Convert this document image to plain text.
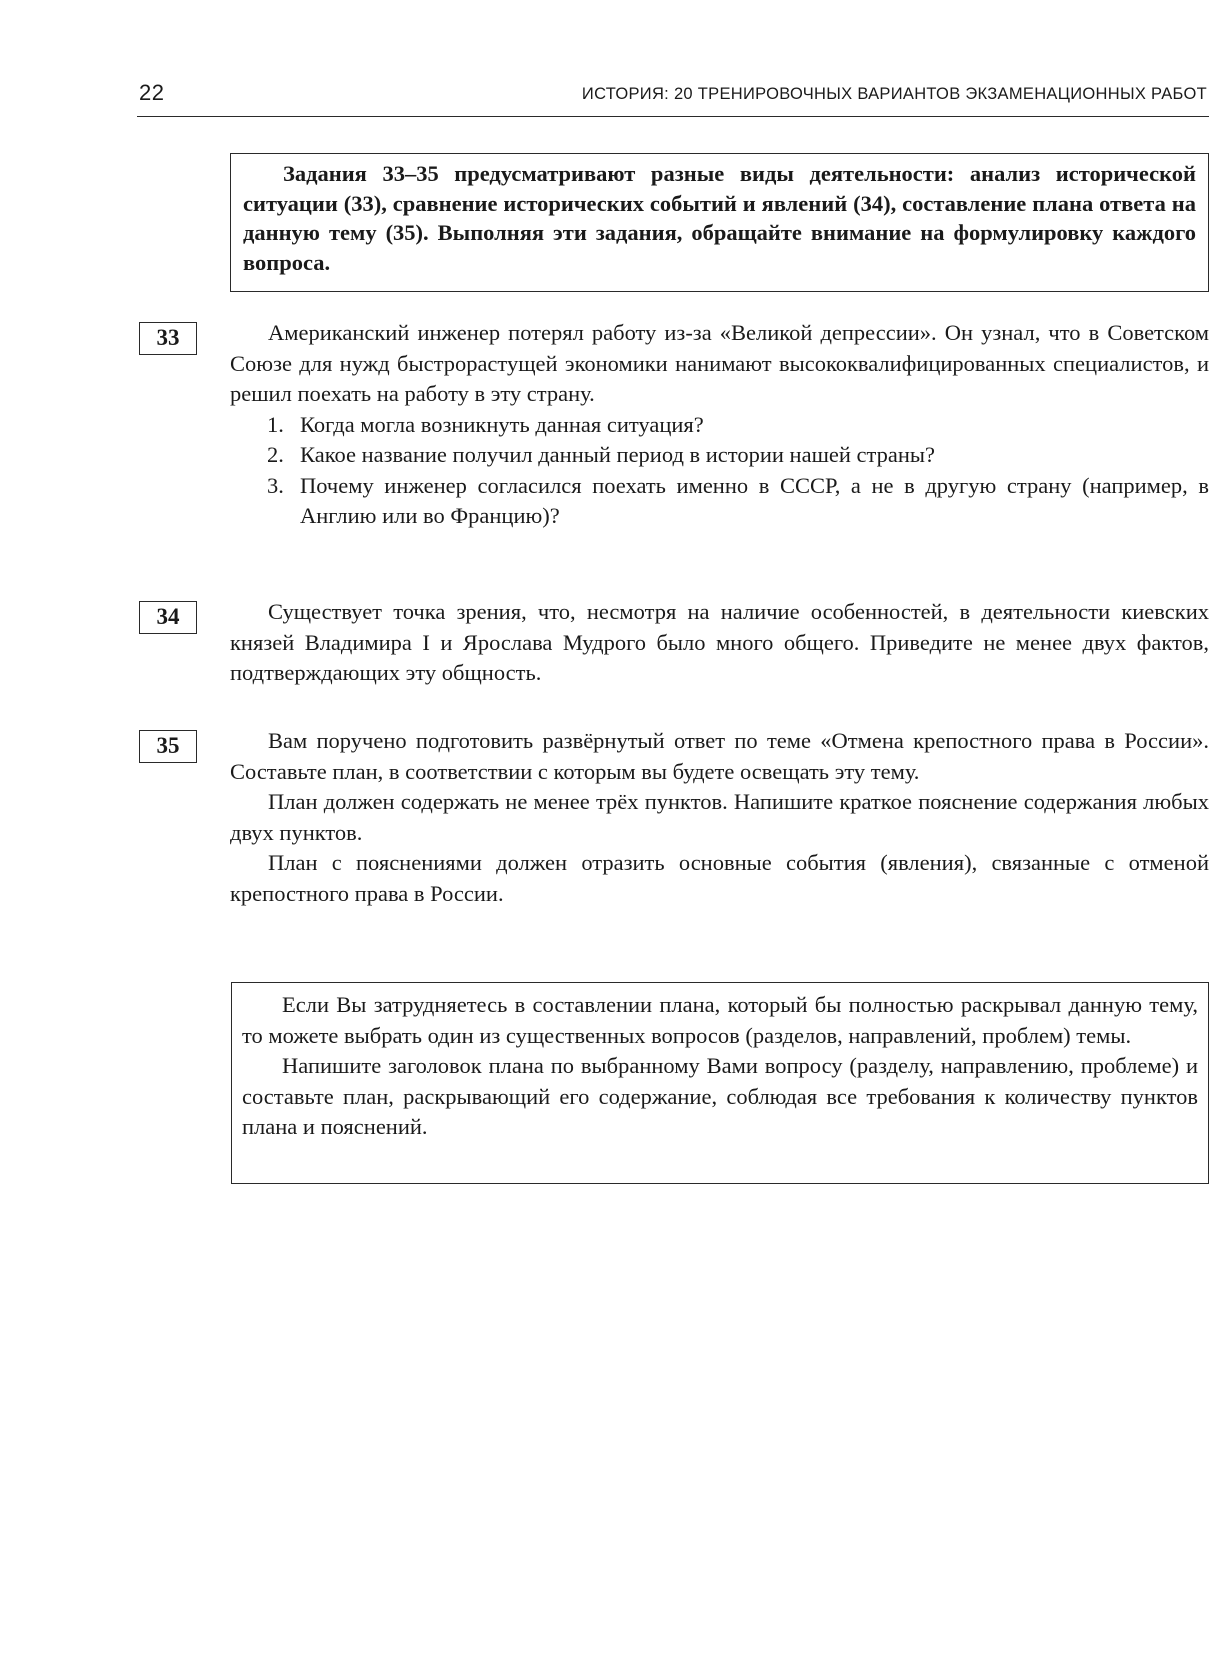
22	ИСТОРИЯ: 20 ТРЕНИРОВОЧНЫХ ВАРИАНТОВ ЭКЗАМЕНАЦИОННЫХ РАБОТ

Задания 33–35 предусматривают разные виды деятельности: анализ исторической ситуации (33), сравнение исторических событий и явлений (34), составление плана ответа на данную тему (35). Выполняя эти задания, обращайте внимание на формулировку каждого вопроса.

33	Американский инженер потерял работу из-за «Великой депрессии». Он узнал, что в Советском Союзе для нужд быстрорастущей экономики нанимают высококвалифицированных специалистов, и решил поехать на работу в эту страну.

1. Когда могла возникнуть данная ситуация?
2. Какое название получил данный период в истории нашей страны?
3. Почему инженер согласился поехать именно в СССР, а не в другую страну (например, в Англию или во Францию)?
34	Существует точка зрения, что, несмотря на наличие особенностей, в деятельности киевских князей Владимира I и Ярослава Мудрого было много общего. Приведите не менее двух фактов, подтверждающих эту общность.

35	Вам поручено подготовить развёрнутый ответ по теме «Отмена крепостного права в России». Составьте план, в соответствии с которым вы будете освещать эту тему.

План должен содержать не менее трёх пунктов. Напишите краткое пояснение содержания любых двух пунктов.

План с пояснениями должен отразить основные события (явления), связанные с отменой крепостного права в России.

Если Вы затрудняетесь в составлении плана, который бы полностью раскрывал данную тему, то можете выбрать один из существенных вопросов (разделов, направлений, проблем) темы.

Напишите заголовок плана по выбранному Вами вопросу (разделу, направлению, проблеме) и составьте план, раскрывающий его содержание, соблюдая все требования к количеству пунктов плана и пояснений.
